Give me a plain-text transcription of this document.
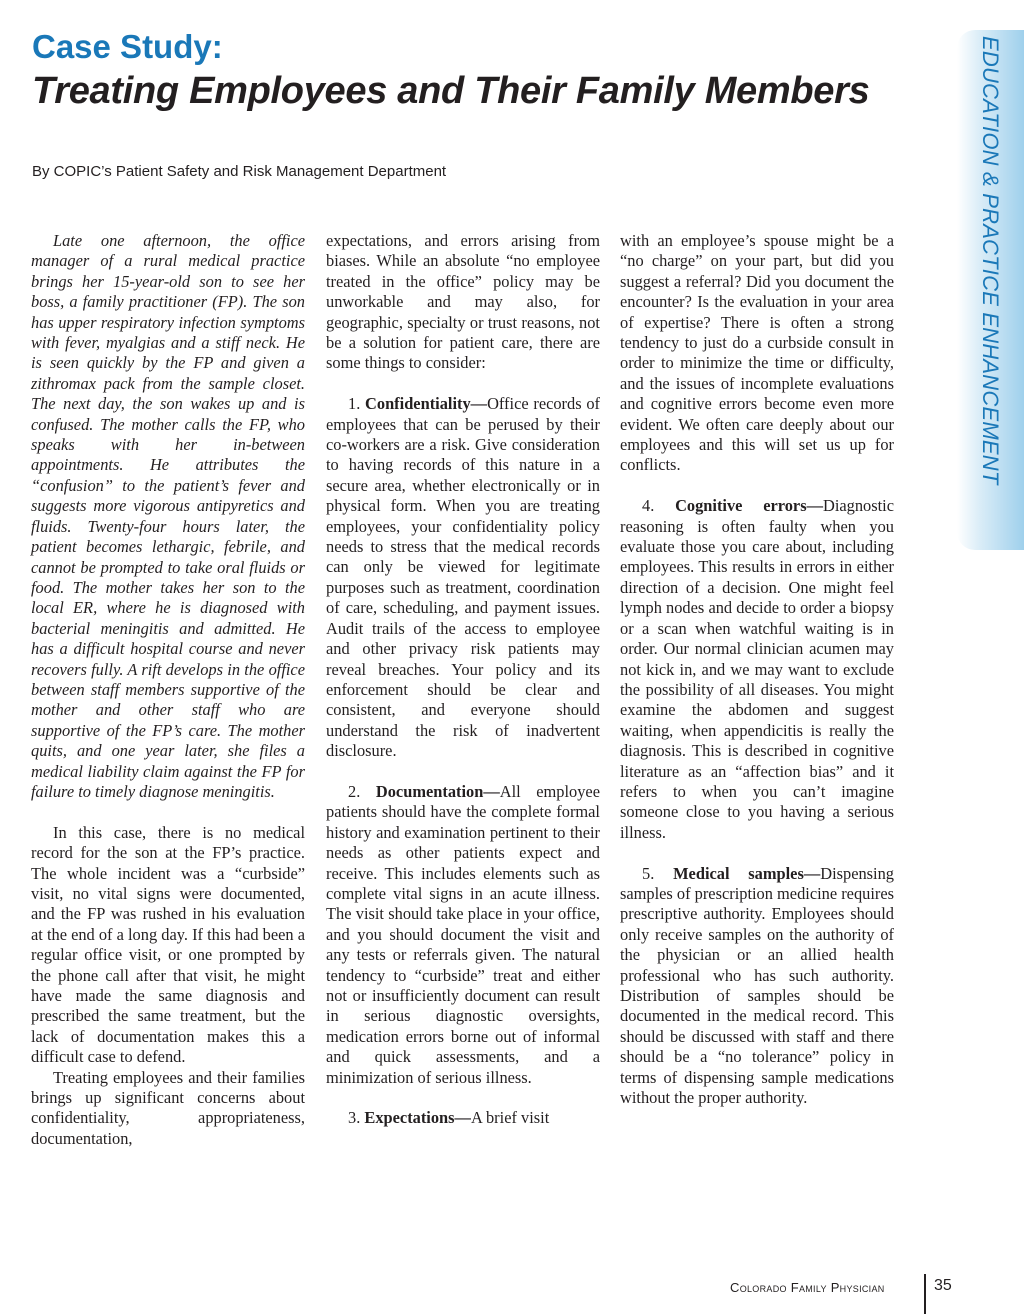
Case Study:
Treating Employees and Their Family Members
By COPIC’s Patient Safety and Risk Management Department	EDUCATION & PRACTICE ENHANCEMENT

Late one afternoon, the office manager of a rural medical practice brings her 15-year-old son to see her boss, a family practitioner (FP). The son has upper respiratory infection symptoms with fever, myalgias and a stiff neck. He is seen quickly by the FP and given a zithromax pack from the sample closet. The next day, the son wakes up and is confused. The mother calls the FP, who speaks with her in-between appointments. He attributes the “confusion” to the patient’s fever and suggests more vigorous antipyretics and fluids. Twenty-four hours later, the patient becomes lethargic, febrile, and cannot be prompted to take oral fluids or food. The mother takes her son to the local ER, where he is diagnosed with bacterial meningitis and admitted. He has a difficult hospital course and never recovers fully. A rift develops in the office between staff members supportive of the mother and other staff who are supportive of the FP’s care. The mother quits, and one year later, she files a medical liability claim against the FP for failure to timely diagnose meningitis.

In this case, there is no medical record for the son at the FP’s practice. The whole incident was a “curbside” visit, no vital signs were documented, and the FP was rushed in his evaluation at the end of a long day. If this had been a regular office visit, or one prompted by the phone call after that visit, he might have made the same diagnosis and prescribed the same treatment, but the lack of documentation makes this a difficult case to defend.

Treating employees and their families brings up significant concerns about confidentiality, appropriateness, documentation,

expectations, and errors arising from biases. While an absolute “no employee treated in the office” policy may be unworkable and may also, for geographic, specialty or trust reasons, not be a solution for patient care, there are some things to consider:

1. Confidentiality—Office records of employees that can be perused by their co-workers are a risk. Give consideration to having records of this nature in a secure area, whether electronically or in physical form. When you are treating employees, your confidentiality policy needs to stress that the medical records can only be viewed for legitimate purposes such as treatment, coordination of care, scheduling, and payment issues. Audit trails of the access to employee and other privacy risk patients may reveal breaches. Your policy and its enforcement should be clear and consistent, and everyone should understand the risk of inadvertent disclosure.

2. Documentation—All employee patients should have the complete formal history and examination pertinent to their needs as other patients expect and receive. This includes elements such as complete vital signs in an acute illness. The visit should take place in your office, and you should document the visit and any tests or referrals given. The natural tendency to “curbside” treat and either not or insufficiently document can result in serious diagnostic oversights, medication errors borne out of informal and quick assessments, and a minimization of serious illness.

3. Expectations—A brief visit

with an employee’s spouse might be a “no charge” on your part, but did you suggest a referral? Did you document the encounter? Is the evaluation in your area of expertise? There is often a strong tendency to just do a curbside consult in order to minimize the time or difficulty, and the issues of incomplete evaluations and cognitive errors become even more evident. We often care deeply about our employees and this will set us up for conflicts.

4. Cognitive errors—Diagnostic reasoning is often faulty when you evaluate those you care about, including employees. This results in errors in either direction of a decision. One might feel lymph nodes and decide to order a biopsy or a scan when watchful waiting is in order. Our normal clinician acumen may not kick in, and we may want to exclude the possibility of all diseases. You might examine the abdomen and suggest waiting, when appendicitis is really the diagnosis. This is described in cognitive literature as an “affection bias” and it refers to when you can’t imagine someone close to you having a serious illness.

5. Medical samples—Dispensing samples of prescription medicine requires prescriptive authority. Employees should only receive samples on the authority of the physician or an allied health professional who has such authority. Distribution of samples should be documented in the medical record. This should be discussed with staff and there should be a “no tolerance” policy in terms of dispensing sample medications without the proper authority.

Colorado Family Physician	35
